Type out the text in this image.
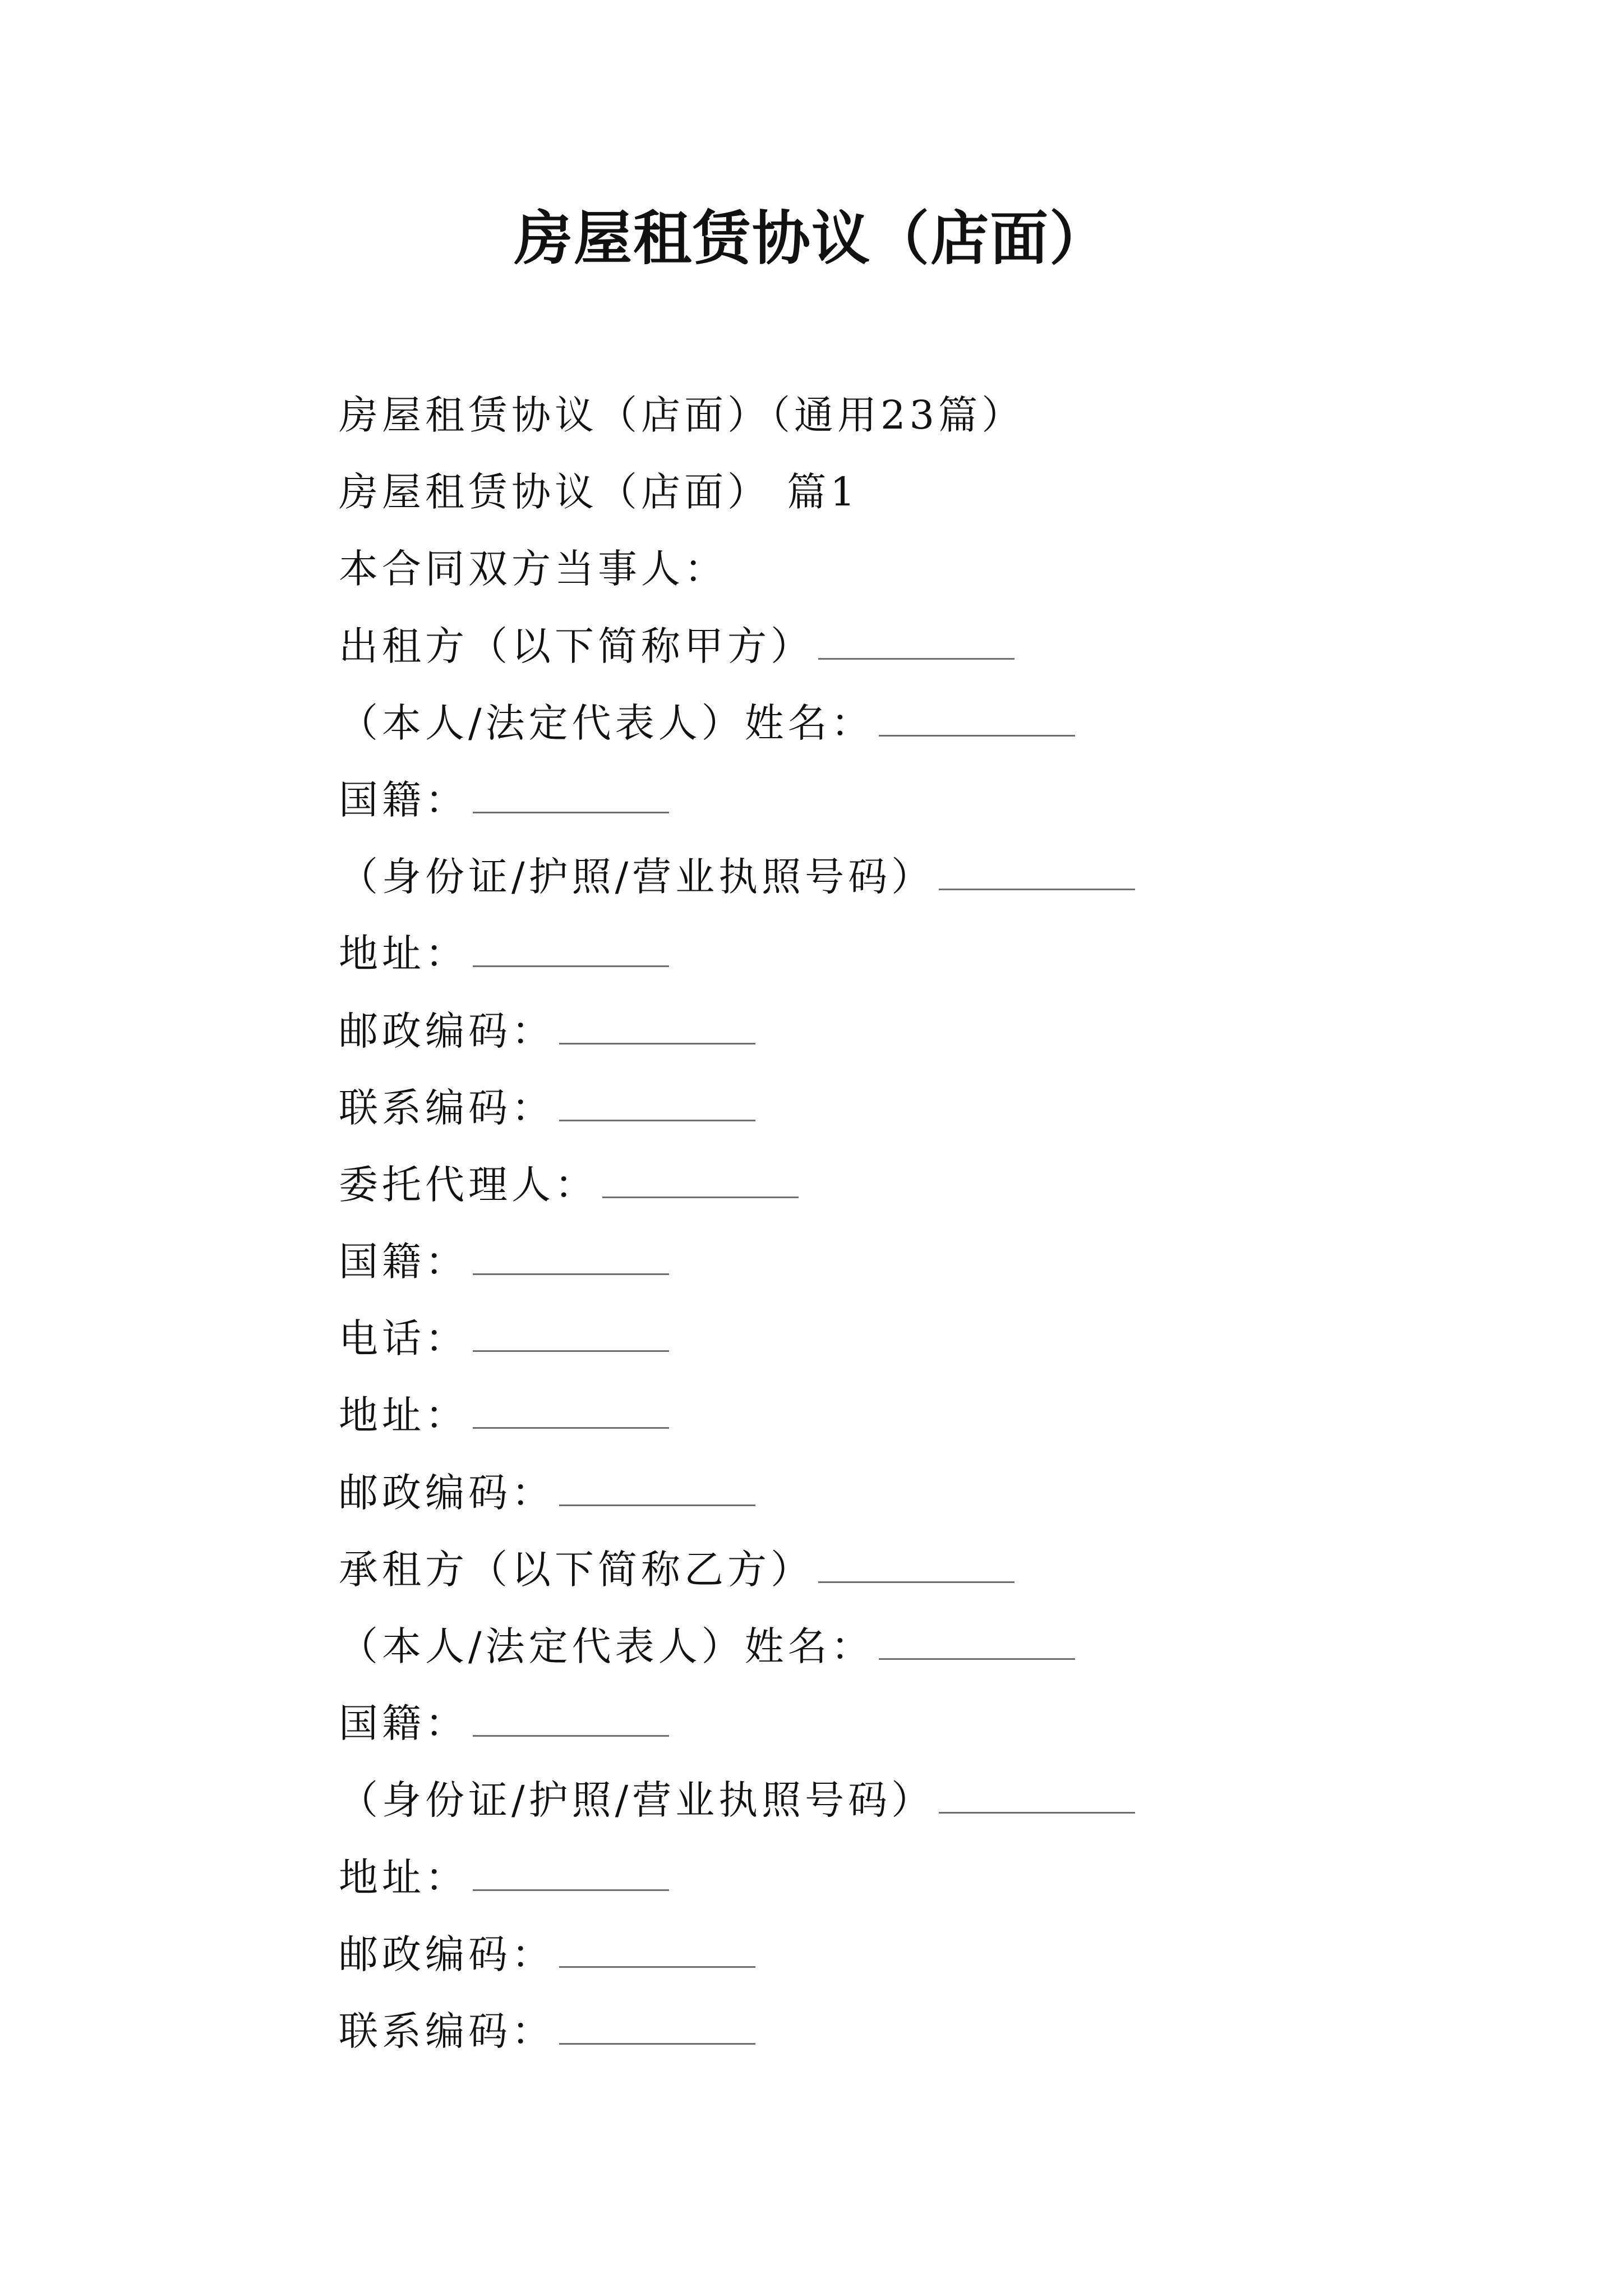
房屋租赁协议（店面）
房屋租赁协议（店面）（通用23篇）
房屋租赁协议（店面） 篇1
本合同双方当事人：
出租方（以下简称甲方）
（本人/法定代表人）姓名：
国籍：
（身份证/护照/营业执照号码）
地址：
邮政编码：
联系编码：
委托代理人：
国籍：
电话：
地址：
邮政编码：
承租方（以下简称乙方）
（本人/法定代表人）姓名：
国籍：
（身份证/护照/营业执照号码）
地址：
邮政编码：
联系编码：
